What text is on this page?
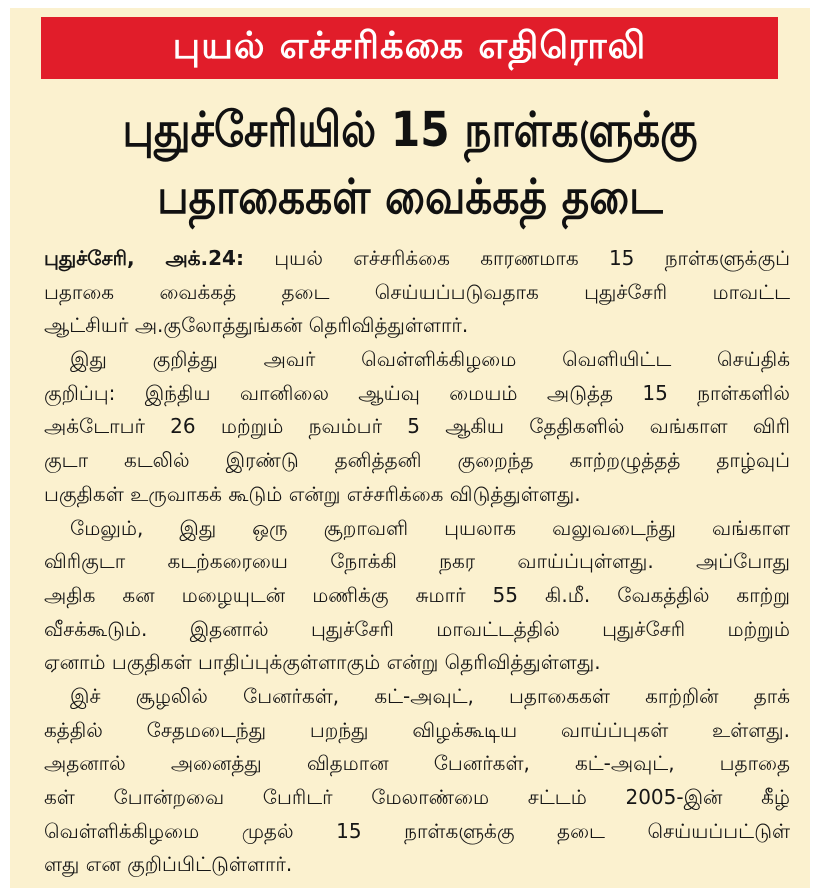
புயல் எச்சரிக்கை எதிரொலி
புதுச்சேரியில் 15 நாள்களுக்கு
பதாகைகள் வைக்கத் தடை
புதுச்சேரி, அக்.24: புயல் எச்சரிக்கை காரணமாக 15 நாள்களுக்குப்
பதாகை வைக்கத் தடை செய்யப்படுவதாக புதுச்சேரி மாவட்ட
ஆட்சியர் அ.குலோத்துங்கன் தெரிவித்துள்ளார்.
இது குறித்து அவர் வெள்ளிக்கிழமை வெளியிட்ட செய்திக்
குறிப்பு: இந்திய வானிலை ஆய்வு மையம் அடுத்த 15 நாள்களில்
அக்டோபர் 26 மற்றும் நவம்பர் 5 ஆகிய தேதிகளில் வங்காள விரி
குடா கடலில் இரண்டு தனித்தனி குறைந்த காற்றழுத்தத் தாழ்வுப்
பகுதிகள் உருவாகக் கூடும் என்று எச்சரிக்கை விடுத்துள்ளது.
மேலும், இது ஒரு சூறாவளி புயலாக வலுவடைந்து வங்காள
விரிகுடா கடற்கரையை நோக்கி நகர வாய்ப்புள்ளது. அப்போது
அதிக கன மழையுடன் மணிக்கு சுமார் 55 கி.மீ. வேகத்தில் காற்று
வீசக்கூடும். இதனால் புதுச்சேரி மாவட்டத்தில் புதுச்சேரி மற்றும்
ஏனாம் பகுதிகள் பாதிப்புக்குள்ளாகும் என்று தெரிவித்துள்ளது.
இச் சூழலில் பேனர்கள், கட்-அவுட், பதாகைகள் காற்றின் தாக்
கத்தில் சேதமடைந்து பறந்து விழக்கூடிய வாய்ப்புகள் உள்ளது.
அதனால் அனைத்து விதமான பேனர்கள், கட்-அவுட், பதாதை
கள் போன்றவை பேரிடர் மேலாண்மை சட்டம் 2005-இன் கீழ்
வெள்ளிக்கிழமை முதல் 15 நாள்களுக்கு தடை செய்யப்பட்டுள்
ளது என குறிப்பிட்டுள்ளார்.
